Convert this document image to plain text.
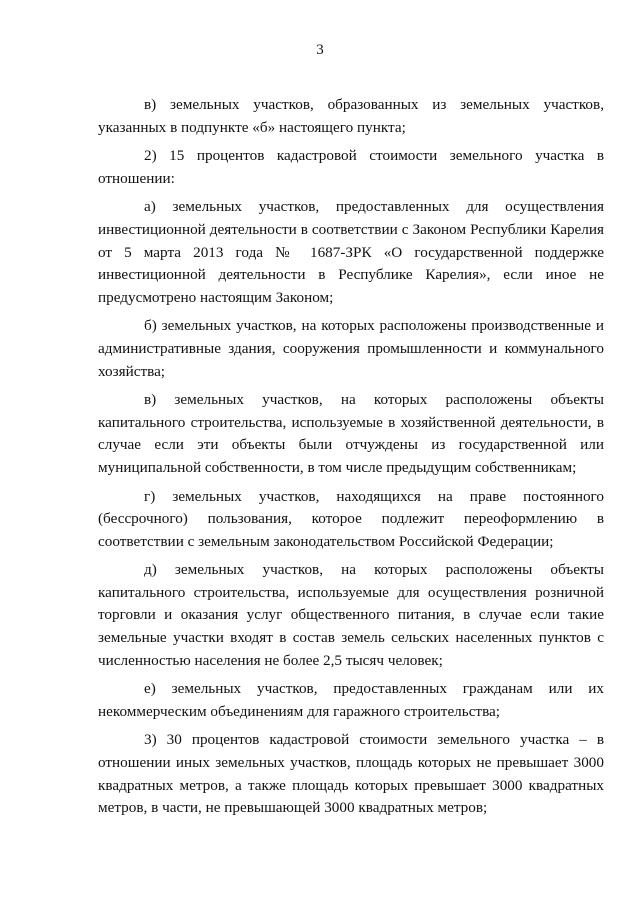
3

в) земельных участков, образованных из земельных участков, указанных в подпункте «б» настоящего пункта;

2) 15 процентов кадастровой стоимости земельного участка в отношении:

а) земельных участков, предоставленных для осуществления инвестиционной деятельности в соответствии с Законом Республики Карелия от 5 марта 2013 года № 1687-ЗРК «О государственной поддержке инвестиционной деятельности в Республике Карелия», если иное не предусмотрено настоящим Законом;

б) земельных участков, на которых расположены производственные и административные здания, сооружения промышленности и коммунального хозяйства;

в) земельных участков, на которых расположены объекты капитального строительства, используемые в хозяйственной деятельности, в случае если эти объекты были отчуждены из государственной или муниципальной собственности, в том числе предыдущим собственникам;

г) земельных участков, находящихся на праве постоянного (бессрочного) пользования, которое подлежит переоформлению в соответствии с земельным законодательством Российской Федерации;

д) земельных участков, на которых расположены объекты капитального строительства, используемые для осуществления розничной торговли и оказания услуг общественного питания, в случае если такие земельные участки входят в состав земель сельских населенных пунктов с численностью населения не более 2,5 тысяч человек;

е) земельных участков, предоставленных гражданам или их некоммерческим объединениям для гаражного строительства;

3) 30 процентов кадастровой стоимости земельного участка – в отношении иных земельных участков, площадь которых не превышает 3000 квадратных метров, а также площадь которых превышает 3000 квадратных метров, в части, не превышающей 3000 квадратных метров;
